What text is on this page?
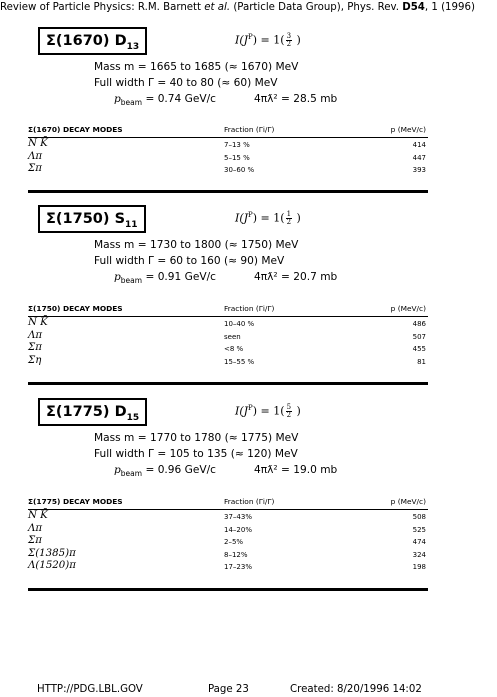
Review of Particle Physics: R.M. Barnett et al. (Particle Data Group), Phys. Rev. D54, 1 (1996)
Σ(1670) $D_{13}$
$I(J^P) = 1( \frac{3}{2}$ )
Mass m = 1665 to 1685 (≈ 1670) MeV
Full width Γ = 40 to 80 (≈ 60) MeV
$p_{beam} = 0.74$ GeV/c	4πƛ² = 28.5 mb
Σ(1670) DECAY MODES	Fraction (Γi/Γ)	p (MeV/c)
N K̄	7–13 %	414
Λπ	5–15 %	447
Σπ	30–60 %	393
Σ(1750) $S_{11}$
$I(J^P) = 1( \frac{1}{2}$ )
Mass m = 1730 to 1800 (≈ 1750) MeV
Full width Γ = 60 to 160 (≈ 90) MeV
$p_{beam} = 0.91$ GeV/c	4πƛ² = 20.7 mb
Σ(1750) DECAY MODES	Fraction (Γi/Γ)	p (MeV/c)
N K̄	10–40 %	486
Λπ	seen	507
Σπ	<8 %	455
Ση	15–55 %	81
Σ(1775) $D_{15}$
$I(J^P) = 1( \frac{5}{2}$ )
Mass m = 1770 to 1780 (≈ 1775) MeV
Full width Γ = 105 to 135 (≈ 120) MeV
$p_{beam} = 0.96$ GeV/c	4πƛ² = 19.0 mb
Σ(1775) DECAY MODES	Fraction (Γi/Γ)	p (MeV/c)
N K̄	37–43%	508
Λπ	14–20%	525
Σπ	2–5%	474
Σ(1385)π	8–12%	324
Λ(1520)π	17–23%	198
HTTP://PDG.LBL.GOV	Page 23	Created: 8/20/1996 14:02
